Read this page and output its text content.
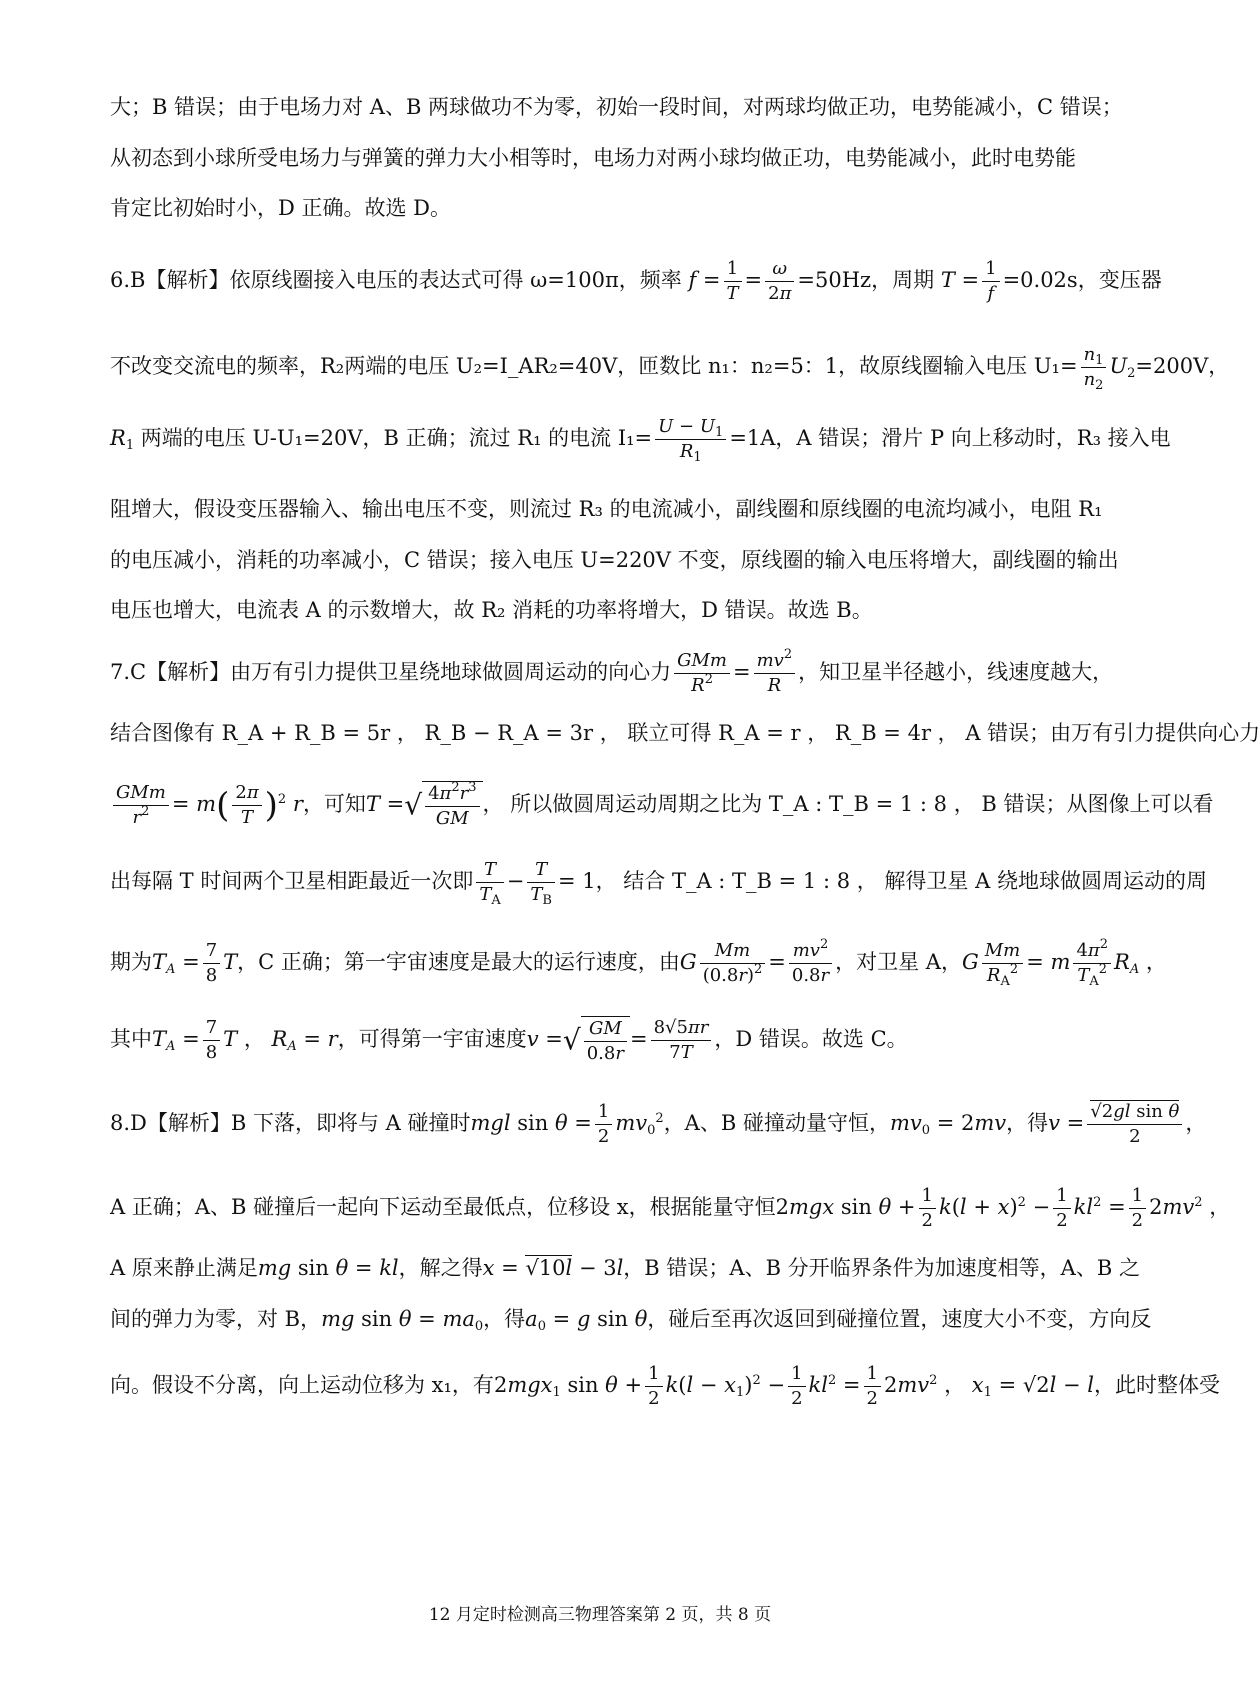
大；B 错误；由于电场力对 A、B 两球做功不为零，初始一段时间，对两球均做正功，电势能减小，C 错误；
从初态到小球所受电场力与弹簧的弹力大小相等时，电场力对两小球均做正功，电势能减小，此时电势能
肯定比初始时小，D 正确。故选 D。
6.B【解析】依原线圈接入电压的表达式可得 ω=100π，频率 $f = \frac{1}{T} = \frac{\omega}{2\pi} =50Hz$，周期 $T = \frac{1}{f} =0.02s$，变压器
不改变交流电的频率，R₂两端的电压 U₂=I_AR₂=40V，匝数比 n₁：n₂=5：1，故原线圈输入电压 $U_1= \frac{n_1}{n_2} U_2=200V$，
$R_1$ 两端的电压 U-U₁=20V，B 正确；流过 R₁ 的电流 $I_1= \frac{U - U_1}{R_1} =1A$，A 错误；滑片 P 向上移动时，R₃ 接入电
阻增大，假设变压器输入、输出电压不变，则流过 R₃ 的电流减小，副线圈和原线圈的电流均减小，电阻 R₁
的电压减小，消耗的功率减小，C 错误；接入电压 U=220V 不变，原线圈的输入电压将增大，副线圈的输出
电压也增大，电流表 A 的示数增大，故 R₂ 消耗的功率将增大，D 错误。故选 B。
7.C【解析】由万有引力提供卫星绕地球做圆周运动的向心力 $\frac{\text{GMm}}{R^2} = \frac{mv^2}{R}$ ，知卫星半径越小，线速度越大，
结合图像有 R_A + R_B = 5r ， R_B − R_A = 3r ， 联立可得 R_A = r ， R_B = 4r ， A 错误；由万有引力提供向心力
$\frac{\text{GMm}}{r^2} = m( \frac{2\pi}{T} )^2$ r，可知T =√ $\frac{4\pi^2r^3}{GM}$ ， 所以做圆周运动周期之比为 T_A : T_B = 1 : 8 ， B 错误；从图像上可以看
出每隔 T 时间两个卫星相距最近一次即 $\frac{T}{T_A} - \frac{T}{T_B} = 1$， 结合 T_A : T_B = 1 : 8 ， 解得卫星 A 绕地球做圆周运动的周
期为$T_A = \frac{7}{8}$ T，C 正确；第一宇宙速度是最大的运行速度，由G $\frac{Mm}{(0.8r)^2} = \frac{mv^2}{0.8r}$ ，对卫星 A，G $\frac{Mm}{R_A^2} = m \frac{4\pi^2}{T_A^2} R_A$ ，
其中$T_A = \frac{7}{8}$ T ， $R_A = r$，可得第一宇宙速度v =√ $\frac{GM}{0.8r} = \frac{8√5\pi r}{7T}$ ，D 错误。故选 C。
8.D【解析】B 下落，即将与 A 碰撞时mgl $\sin \theta = \frac{1}{2} mv_0^2$，A、B 碰撞动量守恒，$mv_0 = 2mv$，得$v = \frac{\text{√2gl sin θ}}{2}$ ，
A 正确；A、B 碰撞后一起向下运动至最低点，位移设 x，根据能量守恒2mgx $\sin \theta + \frac{1}{2} k(l + x)^2 - \frac{1}{2} kl^2 = \frac{1}{2} 2mv^2$ ，
A 原来静止满足mg sin θ = kl，解之得x = √10l − 3l，B 错误；A、B 分开临界条件为加速度相等，A、B 之
间的弹力为零，对 B，mg $\sin \theta = ma_0$，得$a_0 = g$ sin θ，碰后至再次返回到碰撞位置，速度大小不变，方向反
向。假设不分离，向上运动位移为 x₁，有2mgx$_1$ $\sin \theta + \frac{1}{2} k(l - x_1)^2 - \frac{1}{2} kl^2 = \frac{1}{2} 2mv^2$ ， $x_1 = √2l - l$，此时整体受
12 月定时检测高三物理答案第 2 页，共 8 页
